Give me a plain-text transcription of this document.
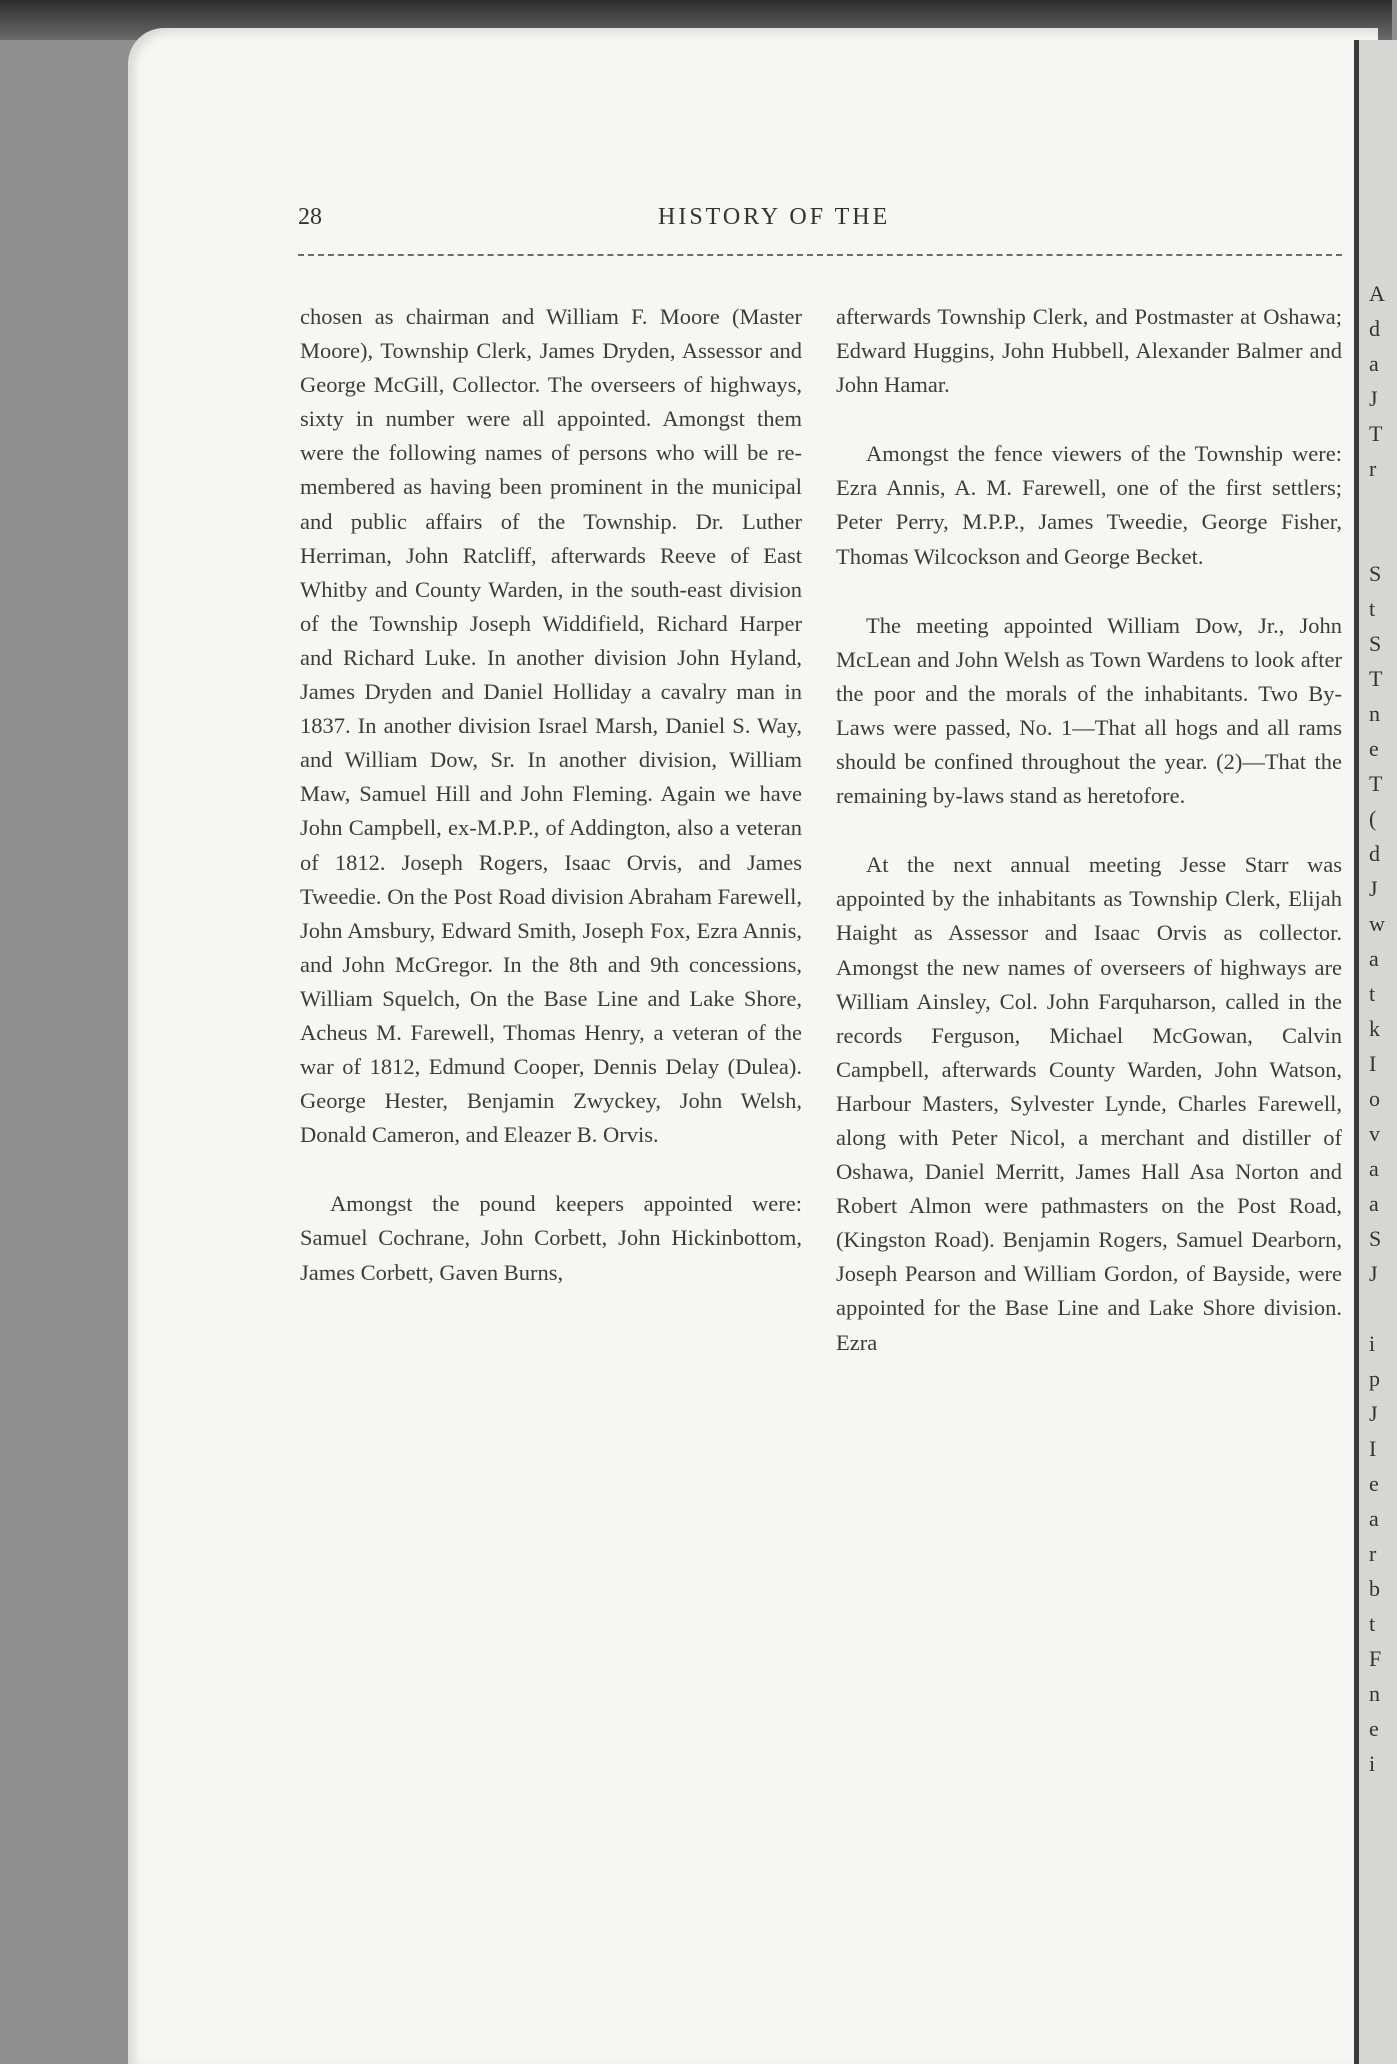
A
d
a
J
T
r
S
t
S
T
n
e
T
(
d
J
w
a
t
k
I
o
v
a
a
S
J
i
p
J
I
e
a
r
b
t
F
n
e
i
28	HISTORY OF THE

chosen as chairman and William F. Moore (Master Moore), Township Clerk, James Dryden, Assessor and George McGill, Collector. The overseers of highways, sixty in number were all appointed. Amongst them were the following names of persons who will be remembered as having been prominent in the municipal and public affairs of the Township. Dr. Luther Herriman, John Ratcliff, afterwards Reeve of East Whitby and County Warden, in the south-east division of the Township Joseph Widdifield, Richard Harper and Richard Luke. In another division John Hyland, James Dryden and Daniel Holliday a cavalry man in 1837. In another division Israel Marsh, Daniel S. Way, and William Dow, Sr. In another division, William Maw, Samuel Hill and John Fleming. Again we have John Campbell, ex-M.P.P., of Addington, also a veteran of 1812. Joseph Rogers, Isaac Orvis, and James Tweedie. On the Post Road division Abraham Farewell, John Amsbury, Edward Smith, Joseph Fox, Ezra Annis, and John McGregor. In the 8th and 9th concessions, William Squelch, On the Base Line and Lake Shore, Acheus M. Farewell, Thomas Henry, a veteran of the war of 1812, Edmund Cooper, Dennis Delay (Dulea). George Hester, Benjamin Zwyckey, John Welsh, Donald Cameron, and Eleazer B. Orvis.

Amongst the pound keepers appointed were: Samuel Cochrane, John Corbett, John Hickinbottom, James Corbett, Gaven Burns,

afterwards Township Clerk, and Postmaster at Oshawa; Edward Huggins, John Hubbell, Alexander Balmer and John Hamar.

Amongst the fence viewers of the Township were: Ezra Annis, A. M. Farewell, one of the first settlers; Peter Perry, M.P.P., James Tweedie, George Fisher, Thomas Wilcockson and George Becket.

The meeting appointed William Dow, Jr., John McLean and John Welsh as Town Wardens to look after the poor and the morals of the inhabitants. Two By-Laws were passed, No. 1—That all hogs and all rams should be confined throughout the year. (2)—That the remaining by-laws stand as heretofore.

At the next annual meeting Jesse Starr was appointed by the inhabitants as Township Clerk, Elijah Haight as Assessor and Isaac Orvis as collector. Amongst the new names of overseers of highways are William Ainsley, Col. John Farquharson, called in the records Ferguson, Michael McGowan, Calvin Campbell, afterwards County Warden, John Watson, Harbour Masters, Sylvester Lynde, Charles Farewell, along with Peter Nicol, a merchant and distiller of Oshawa, Daniel Merritt, James Hall Asa Norton and Robert Almon were pathmasters on the Post Road, (Kingston Road). Benjamin Rogers, Samuel Dearborn, Joseph Pearson and William Gordon, of Bayside, were appointed for the Base Line and Lake Shore division. Ezra
